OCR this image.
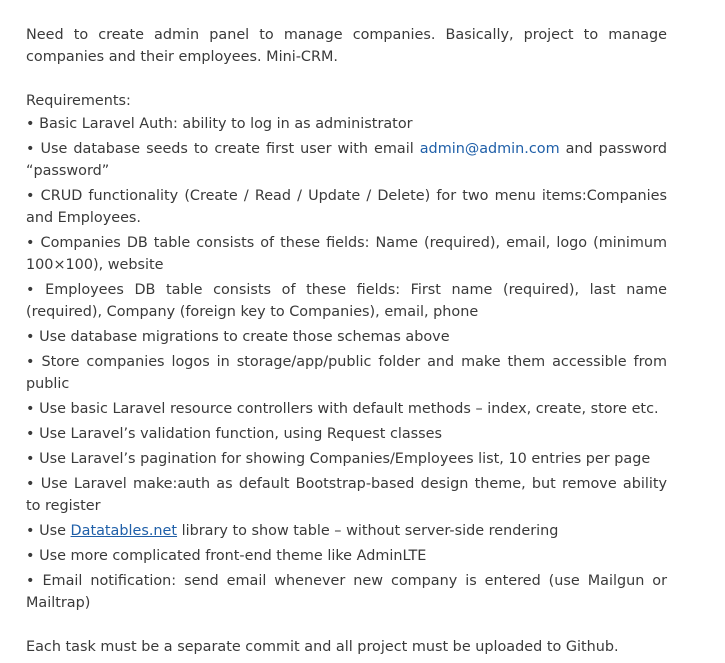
Need to create admin panel to manage companies. Basically, project to manage companies and their employees. Mini-CRM.

Requirements:

• Basic Laravel Auth: ability to log in as administrator

• Use database seeds to create first user with email admin@admin.com and password “password”

• CRUD functionality (Create / Read / Update / Delete) for two menu items:Companies and Employees.

• Companies DB table consists of these fields: Name (required), email, logo (minimum 100×100), website

• Employees DB table consists of these fields: First name (required), last name (required), Company (foreign key to Companies), email, phone

• Use database migrations to create those schemas above

• Store companies logos in storage/app/public folder and make them accessible from public

• Use basic Laravel resource controllers with default methods – index, create, store etc.

• Use Laravel’s validation function, using Request classes

• Use Laravel’s pagination for showing Companies/Employees list, 10 entries per page

• Use Laravel make:auth as default Bootstrap-based design theme, but remove ability to register

• Use Datatables.net library to show table – without server-side rendering

• Use more complicated front-end theme like AdminLTE

• Email notification: send email whenever new company is entered (use Mailgun or Mailtrap)

Each task must be a separate commit and all project must be uploaded to Github.
